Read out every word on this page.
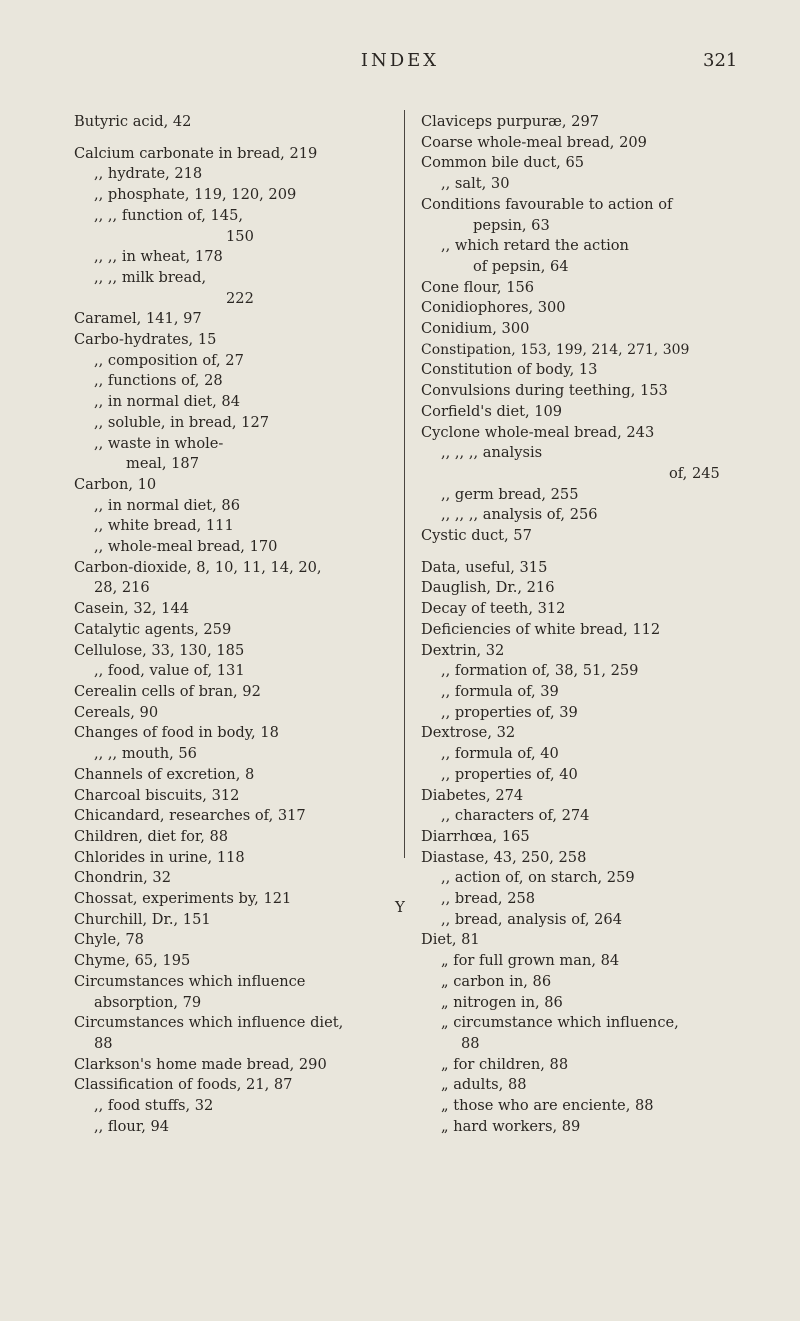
INDEX	321
Butyric acid, 42
Calcium carbonate in bread, 219
,, hydrate, 218
,, phosphate, 119, 120, 209
,, ,, function of, 145,
150
,, ,, in wheat, 178
,, ,, milk bread,
222
Caramel, 141, 97
Carbo-hydrates, 15
,, composition of, 27
,, functions of, 28
,, in normal diet, 84
,, soluble, in bread, 127
,, waste in whole-
meal, 187
Carbon, 10
,, in normal diet, 86
,, white bread, 111
,, whole-meal bread, 170
Carbon-dioxide, 8, 10, 11, 14, 20,
28, 216
Casein, 32, 144
Catalytic agents, 259
Cellulose, 33, 130, 185
,, food, value of, 131
Cerealin cells of bran, 92
Cereals, 90
Changes of food in body, 18
,, ,, mouth, 56
Channels of excretion, 8
Charcoal biscuits, 312
Chicandard, researches of, 317
Children, diet for, 88
Chlorides in urine, 118
Chondrin, 32
Chossat, experiments by, 121
Churchill, Dr., 151
Chyle, 78
Chyme, 65, 195
Circumstances which influence
absorption, 79
Circumstances which influence diet,
88
Clarkson's home made bread, 290
Classification of foods, 21, 87
,, food stuffs, 32
,, flour, 94
Claviceps purpuræ, 297
Coarse whole-meal bread, 209
Common bile duct, 65
,, salt, 30
Conditions favourable to action of
pepsin, 63
,, which retard the action
of pepsin, 64
Cone flour, 156
Conidiophores, 300
Conidium, 300
Constipation, 153, 199, 214, 271, 309
Constitution of body, 13
Convulsions during teething, 153
Corfield's diet, 109
Cyclone whole-meal bread, 243
,, ,, ,, analysis
of, 245
,, germ bread, 255
,, ,, ,, analysis of, 256
Cystic duct, 57
Data, useful, 315
Dauglish, Dr., 216
Decay of teeth, 312
Deficiencies of white bread, 112
Dextrin, 32
,, formation of, 38, 51, 259
,, formula of, 39
,, properties of, 39
Dextrose, 32
,, formula of, 40
,, properties of, 40
Diabetes, 274
,, characters of, 274
Diarrhœa, 165
Diastase, 43, 250, 258
,, action of, on starch, 259
,, bread, 258
,, bread, analysis of, 264
Diet, 81
„ for full grown man, 84
„ carbon in, 86
„ nitrogen in, 86
„ circumstance which influence,
88
„ for children, 88
„ adults, 88
„ those who are enciente, 88
„ hard workers, 89
Y
